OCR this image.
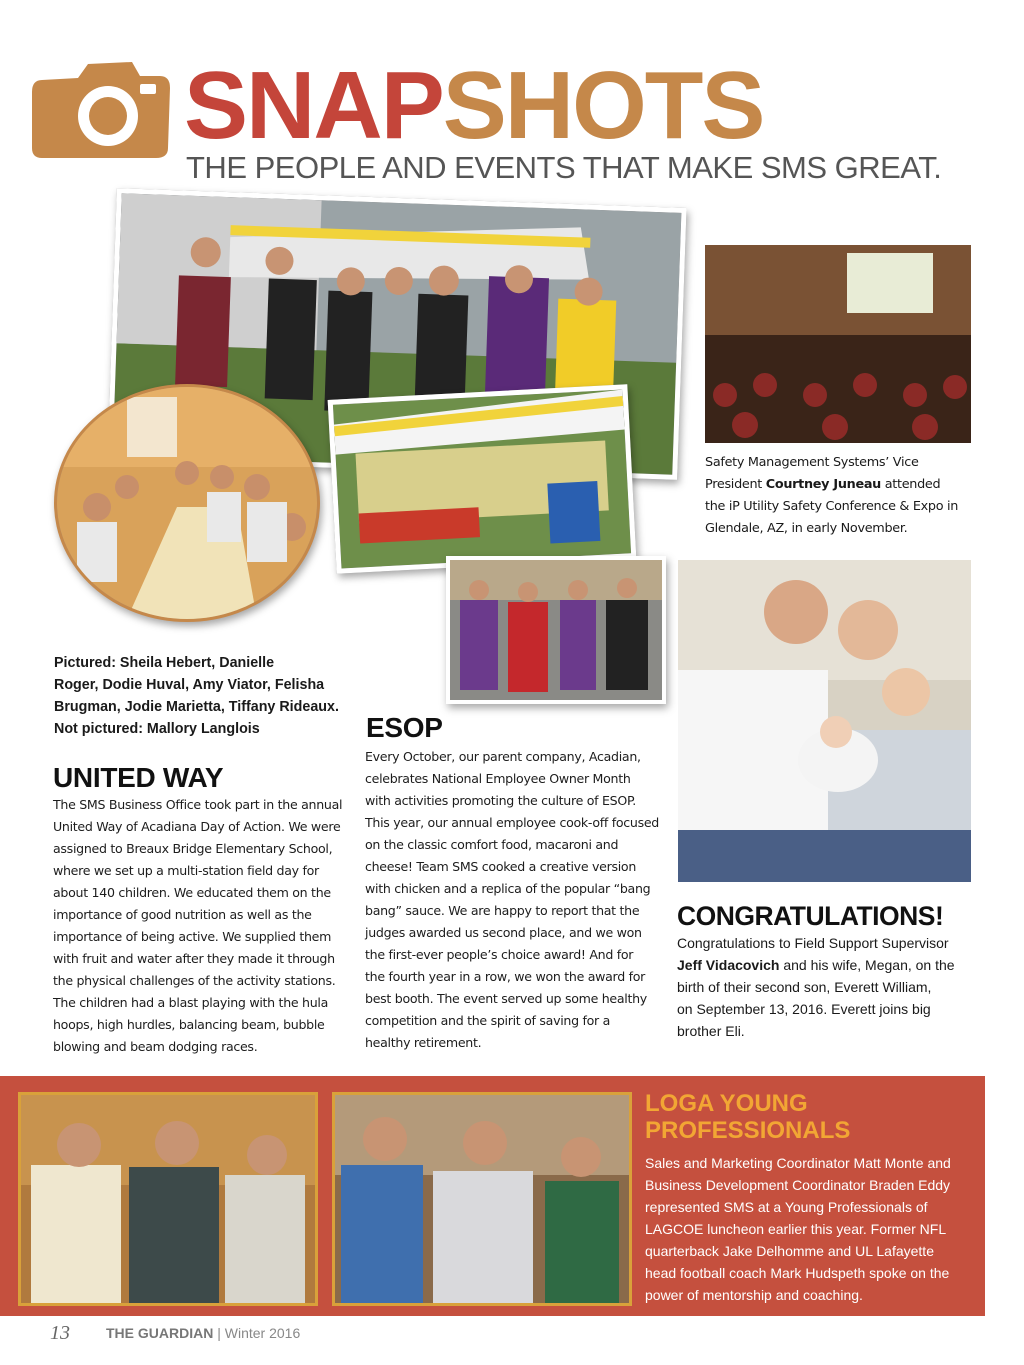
SNAPSHOTS
THE PEOPLE AND EVENTS THAT MAKE SMS GREAT.
Pictured: Sheila Hebert, Danielle
Roger, Dodie Huval, Amy Viator, Felisha
Brugman, Jodie Marietta, Tiffany Rideaux.
Not pictured: Mallory Langlois
UNITED WAY
The SMS Business Office took part in the annual
United Way of Acadiana Day of Action. We were
assigned to Breaux Bridge Elementary School,
where we set up a multi-station field day for
about 140 children. We educated them on the
importance of good nutrition as well as the
importance of being active. We supplied them
with fruit and water after they made it through
the physical challenges of the activity stations.
The children had a blast playing with the hula
hoops, high hurdles, balancing beam, bubble
blowing and beam dodging races.
ESOP
Every October, our parent company, Acadian,
celebrates National Employee Owner Month
with activities promoting the culture of ESOP.
This year, our annual employee cook-off focused
on the classic comfort food, macaroni and
cheese! Team SMS cooked a creative version
with chicken and a replica of the popular “bang
bang” sauce. We are happy to report that the
judges awarded us second place, and we won
the first-ever people’s choice award! And for
the fourth year in a row, we won the award for
best booth. The event served up some healthy
competition and the spirit of saving for a
healthy retirement.
Safety Management Systems’ Vice
President Courtney Juneau attended
the iP Utility Safety Conference & Expo in
Glendale, AZ, in early November.
CONGRATULATIONS!
Congratulations to Field Support Supervisor
Jeff Vidacovich and his wife, Megan, on the
birth of their second son, Everett William,
on September 13, 2016. Everett joins big
brother Eli.
LOGA YOUNG
PROFESSIONALS
Sales and Marketing Coordinator Matt Monte and
Business Development Coordinator Braden Eddy
represented SMS at a Young Professionals of
LAGCOE luncheon earlier this year. Former NFL
quarterback Jake Delhomme and UL Lafayette
head football coach Mark Hudspeth spoke on the
power of mentorship and coaching.
13	THE GUARDIAN | Winter 2016
